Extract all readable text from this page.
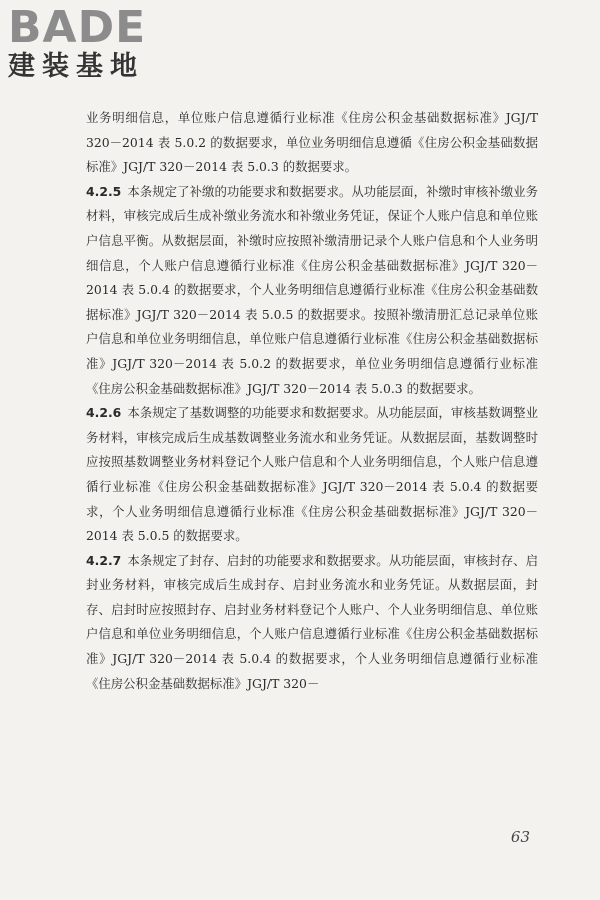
BADE
建装基地

业务明细信息，单位账户信息遵循行业标准《住房公积金基础数据标准》JGJ/T 320－2014 表 5.0.2 的数据要求，单位业务明细信息遵循《住房公积金基础数据标准》JGJ/T 320－2014 表 5.0.3 的数据要求。

4.2.5 本条规定了补缴的功能要求和数据要求。从功能层面，补缴时审核补缴业务材料，审核完成后生成补缴业务流水和补缴业务凭证，保证个人账户信息和单位账户信息平衡。从数据层面，补缴时应按照补缴清册记录个人账户信息和个人业务明细信息，个人账户信息遵循行业标准《住房公积金基础数据标准》JGJ/T 320－2014 表 5.0.4 的数据要求，个人业务明细信息遵循行业标准《住房公积金基础数据标准》JGJ/T 320－2014 表 5.0.5 的数据要求。按照补缴清册汇总记录单位账户信息和单位业务明细信息，单位账户信息遵循行业标准《住房公积金基础数据标准》JGJ/T 320－2014 表 5.0.2 的数据要求，单位业务明细信息遵循行业标准《住房公积金基础数据标准》JGJ/T 320－2014 表 5.0.3 的数据要求。

4.2.6 本条规定了基数调整的功能要求和数据要求。从功能层面，审核基数调整业务材料，审核完成后生成基数调整业务流水和业务凭证。从数据层面，基数调整时应按照基数调整业务材料登记个人账户信息和个人业务明细信息，个人账户信息遵循行业标准《住房公积金基础数据标准》JGJ/T 320－2014 表 5.0.4 的数据要求，个人业务明细信息遵循行业标准《住房公积金基础数据标准》JGJ/T 320－2014 表 5.0.5 的数据要求。

4.2.7 本条规定了封存、启封的功能要求和数据要求。从功能层面，审核封存、启封业务材料，审核完成后生成封存、启封业务流水和业务凭证。从数据层面，封存、启封时应按照封存、启封业务材料登记个人账户、个人业务明细信息、单位账户信息和单位业务明细信息，个人账户信息遵循行业标准《住房公积金基础数据标准》JGJ/T 320－2014 表 5.0.4 的数据要求，个人业务明细信息遵循行业标准《住房公积金基础数据标准》JGJ/T 320－

63
